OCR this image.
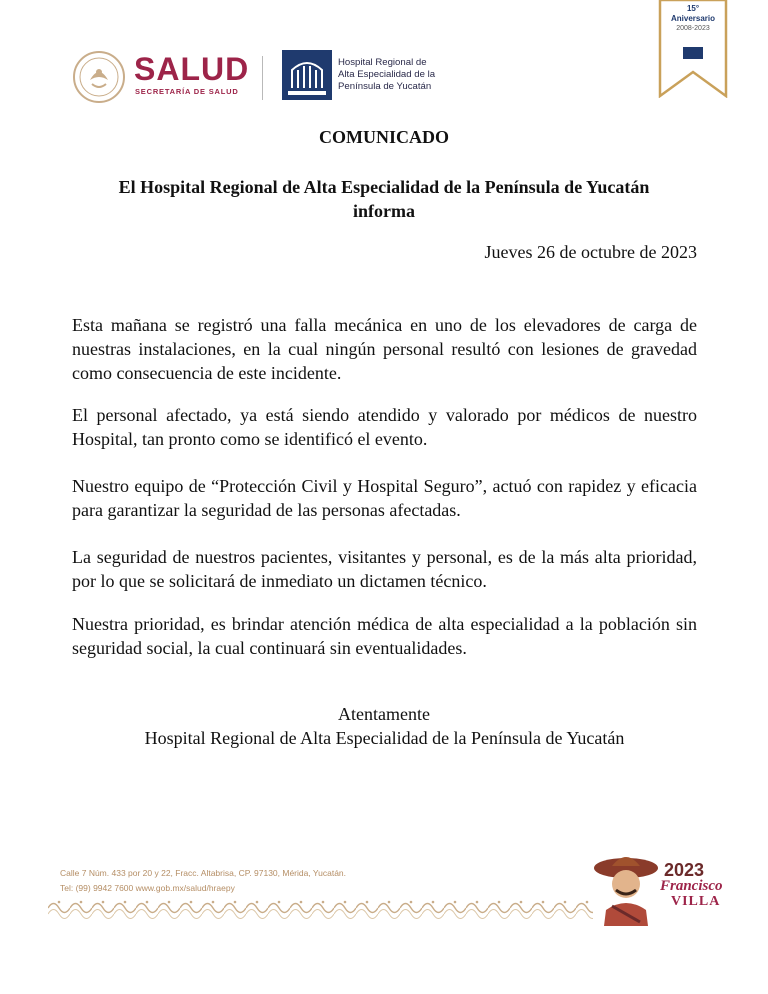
SALUD
SECRETARÍA DE SALUD
Hospital Regional de
Alta Especialidad de la
Península de Yucatán
15°
Aniversario
2008-2023
COMUNICADO
El Hospital Regional de Alta Especialidad de la Península de Yucatán informa
Jueves 26 de octubre de 2023
Esta mañana se registró una falla mecánica en uno de los elevadores de carga de nuestras instalaciones, en la cual ningún personal resultó con lesiones de gravedad como consecuencia de este incidente.
El personal afectado, ya está siendo atendido y valorado por médicos de nuestro Hospital, tan pronto como se identificó el evento.
Nuestro equipo de “Protección Civil y Hospital Seguro”, actuó con rapidez y eficacia para garantizar la seguridad de las personas afectadas.
La seguridad de nuestros pacientes, visitantes y personal, es de la más alta prioridad, por lo que se solicitará de inmediato un dictamen técnico.
Nuestra prioridad, es brindar atención médica de alta especialidad a la población sin seguridad social, la cual continuará sin eventualidades.
Atentamente
Hospital Regional de Alta Especialidad de la Península de Yucatán
Calle 7 Núm. 433 por 20 y 22, Fracc. Altabrisa, CP. 97130, Mérida, Yucatán.
Tel: (99) 9942 7600 www.gob.mx/salud/hraepy
2023
Francisco
VILLA
